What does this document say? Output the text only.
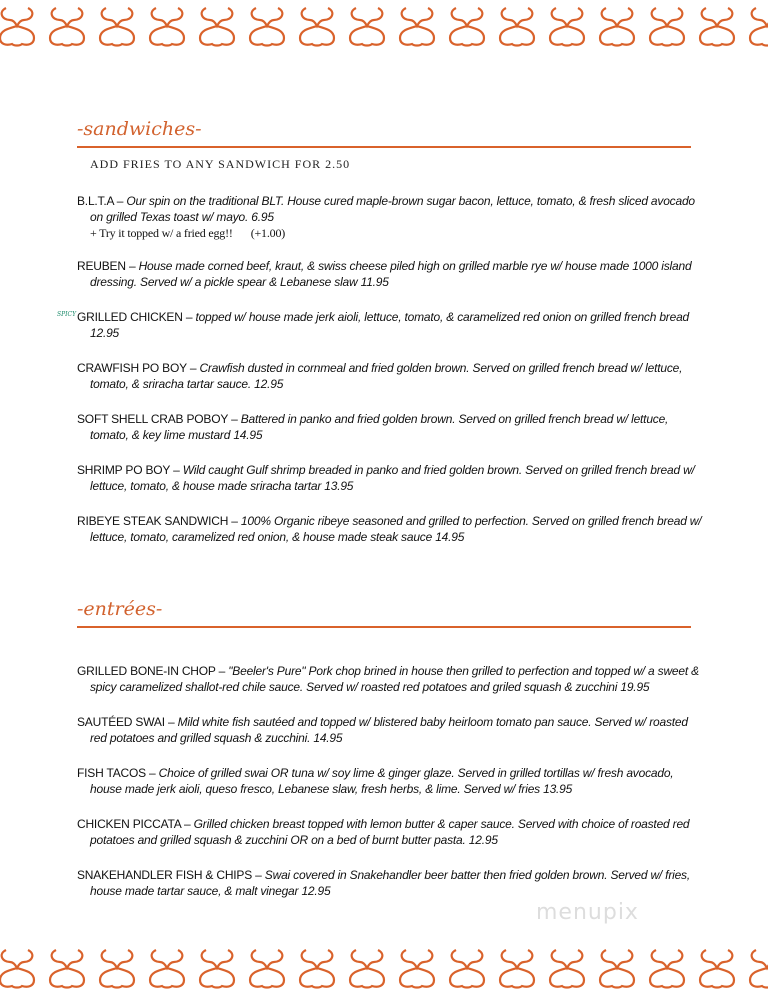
-sandwiches-
ADD FRIES TO ANY SANDWICH FOR 2.50
B.L.T.A – Our spin on the traditional BLT. House cured maple-brown sugar bacon, lettuce, tomato, & fresh sliced avocado on grilled Texas toast w/ mayo. 6.95
+ Try it topped w/ a fried egg!! (+1.00)
REUBEN – House made corned beef, kraut, & swiss cheese piled high on grilled marble rye w/ house made 1000 island dressing. Served w/ a pickle spear & Lebanese slaw 11.95
SPICY GRILLED CHICKEN – topped w/ house made jerk aioli, lettuce, tomato, & caramelized red onion on grilled french bread 12.95
CRAWFISH PO BOY – Crawfish dusted in cornmeal and fried golden brown. Served on grilled french bread w/ lettuce, tomato, & sriracha tartar sauce. 12.95
SOFT SHELL CRAB POBOY – Battered in panko and fried golden brown. Served on grilled french bread w/ lettuce, tomato, & key lime mustard 14.95
SHRIMP PO BOY – Wild caught Gulf shrimp breaded in panko and fried golden brown. Served on grilled french bread w/ lettuce, tomato, & house made sriracha tartar 13.95
RIBEYE STEAK SANDWICH – 100% Organic ribeye seasoned and grilled to perfection. Served on grilled french bread w/ lettuce, tomato, caramelized red onion, & house made steak sauce 14.95
-entrées-
GRILLED BONE-IN CHOP – "Beeler's Pure" Pork chop brined in house then grilled to perfection and topped w/ a sweet & spicy caramelized shallot-red chile sauce. Served w/ roasted red potatoes and griled squash & zucchini 19.95
SAUTÉED SWAI – Mild white fish sautéed and topped w/ blistered baby heirloom tomato pan sauce. Served w/ roasted red potatoes and grilled squash & zucchini. 14.95
FISH TACOS – Choice of grilled swai OR tuna w/ soy lime & ginger glaze. Served in grilled tortillas w/ fresh avocado, house made jerk aioli, queso fresco, Lebanese slaw, fresh herbs, & lime. Served w/ fries 13.95
CHICKEN PICCATA – Grilled chicken breast topped with lemon butter & caper sauce. Served with choice of roasted red potatoes and grilled squash & zucchini OR on a bed of burnt butter pasta. 12.95
SNAKEHANDLER FISH & CHIPS – Swai covered in Snakehandler beer batter then fried golden brown. Served w/ fries, house made tartar sauce, & malt vinegar 12.95
menupix
